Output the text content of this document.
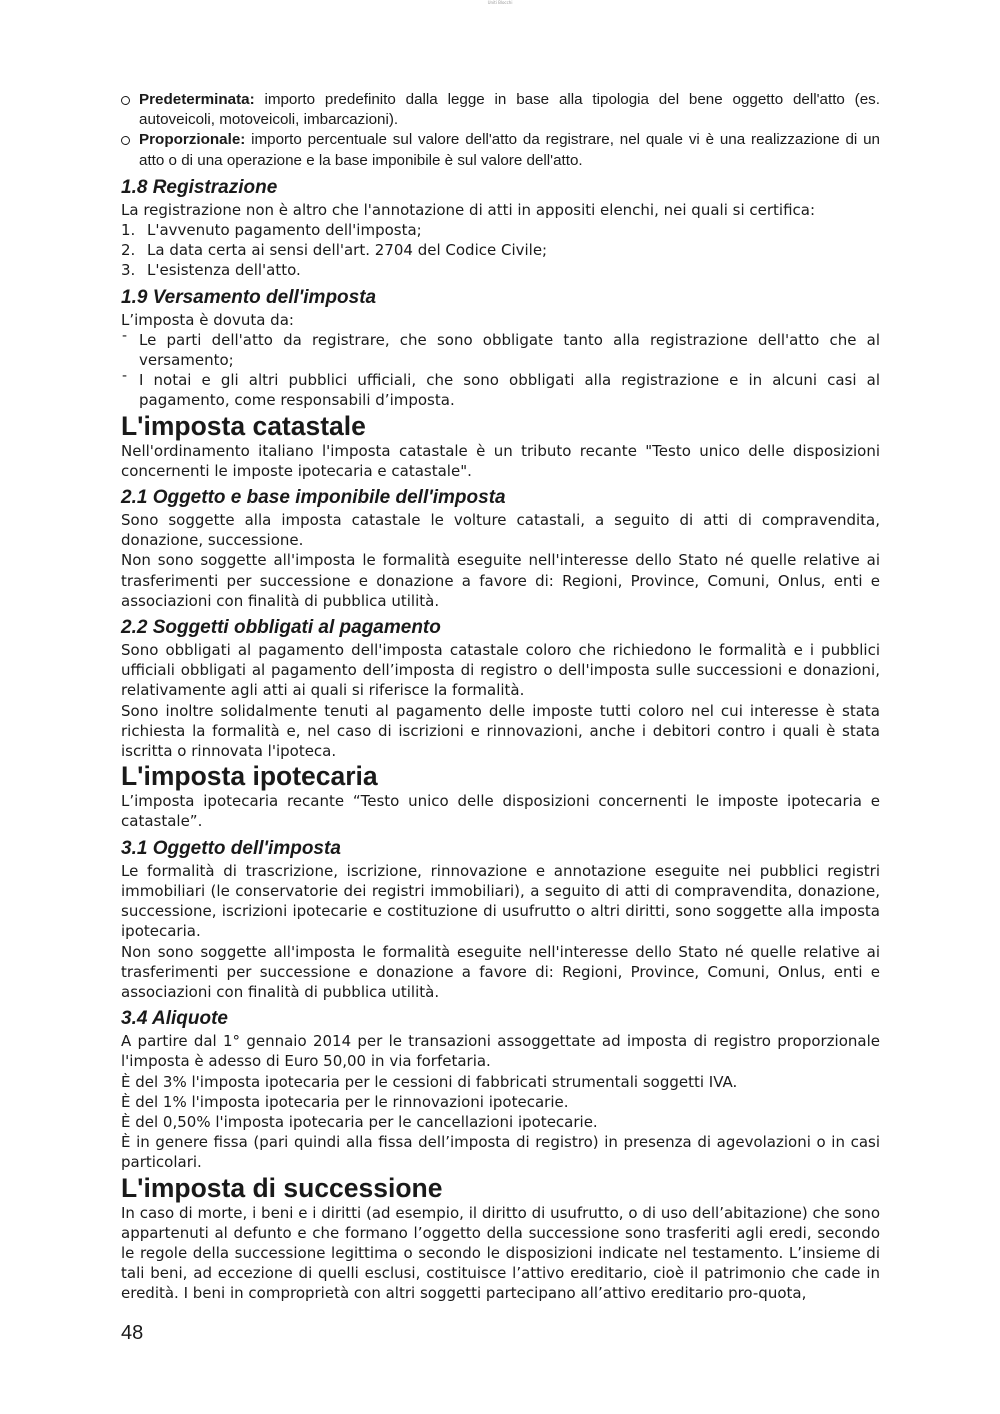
Uniti Blocchi
Predeterminata: importo predefinito dalla legge in base alla tipologia del bene oggetto dell'atto (es. autoveicoli, motoveicoli, imbarcazioni).
Proporzionale: importo percentuale sul valore dell'atto da registrare, nel quale vi è una realizzazione di un atto o di una operazione e la base imponibile è sul valore dell'atto.
1.8 Registrazione

La registrazione non è altro che l'annotazione di atti in appositi elenchi, nei quali si certifica:

1. L'avvenuto pagamento dell'imposta;
2. La data certa ai sensi dell'art. 2704 del Codice Civile;
3. L'esistenza dell'atto.
1.9 Versamento dell'imposta

L’imposta è dovuta da:

- Le parti dell'atto da registrare, che sono obbligate tanto alla registrazione dell'atto che al versamento;
- I notai e gli altri pubblici ufficiali, che sono obbligati alla registrazione e in alcuni casi al pagamento, come responsabili d’imposta.
L'imposta catastale

Nell'ordinamento italiano l'imposta catastale è un tributo recante "Testo unico delle disposizioni concernenti le imposte ipotecaria e catastale".

2.1 Oggetto e base imponibile dell'imposta

Sono soggette alla imposta catastale le volture catastali, a seguito di atti di compravendita, donazione, successione.

Non sono soggette all'imposta le formalità eseguite nell'interesse dello Stato né quelle relative ai trasferimenti per successione e donazione a favore di: Regioni, Province, Comuni, Onlus, enti e associazioni con finalità di pubblica utilità.

2.2 Soggetti obbligati al pagamento

Sono obbligati al pagamento dell'imposta catastale coloro che richiedono le formalità e i pubblici ufficiali obbligati al pagamento dell’imposta di registro o dell'imposta sulle successioni e donazioni, relativamente agli atti ai quali si riferisce la formalità.

Sono inoltre solidalmente tenuti al pagamento delle imposte tutti coloro nel cui interesse è stata richiesta la formalità e, nel caso di iscrizioni e rinnovazioni, anche i debitori contro i quali è stata iscritta o rinnovata l'ipoteca.

L'imposta ipotecaria

L’imposta ipotecaria recante “Testo unico delle disposizioni concernenti le imposte ipotecaria e catastale”.

3.1 Oggetto dell'imposta

Le formalità di trascrizione, iscrizione, rinnovazione e annotazione eseguite nei pubblici registri immobiliari (le conservatorie dei registri immobiliari), a seguito di atti di compravendita, donazione, successione, iscrizioni ipotecarie e costituzione di usufrutto o altri diritti, sono soggette alla imposta ipotecaria.

Non sono soggette all'imposta le formalità eseguite nell'interesse dello Stato né quelle relative ai trasferimenti per successione e donazione a favore di: Regioni, Province, Comuni, Onlus, enti e associazioni con finalità di pubblica utilità.

3.4 Aliquote

A partire dal 1° gennaio 2014 per le transazioni assoggettate ad imposta di registro proporzionale l'imposta è adesso di Euro 50,00 in via forfetaria.

È del 3% l'imposta ipotecaria per le cessioni di fabbricati strumentali soggetti IVA.

È del 1% l'imposta ipotecaria per le rinnovazioni ipotecarie.

È del 0,50% l'imposta ipotecaria per le cancellazioni ipotecarie.

È in genere fissa (pari quindi alla fissa dell’imposta di registro) in presenza di agevolazioni o in casi particolari.

L'imposta di successione

In caso di morte, i beni e i diritti (ad esempio, il diritto di usufrutto, o di uso dell’abitazione) che sono appartenuti al defunto e che formano l’oggetto della successione sono trasferiti agli eredi, secondo le regole della successione legittima o secondo le disposizioni indicate nel testamento. L’insieme di tali beni, ad eccezione di quelli esclusi, costituisce l’attivo ereditario, cioè il patrimonio che cade in eredità. I beni in comproprietà con altri soggetti partecipano all’attivo ereditario pro-quota,

48
